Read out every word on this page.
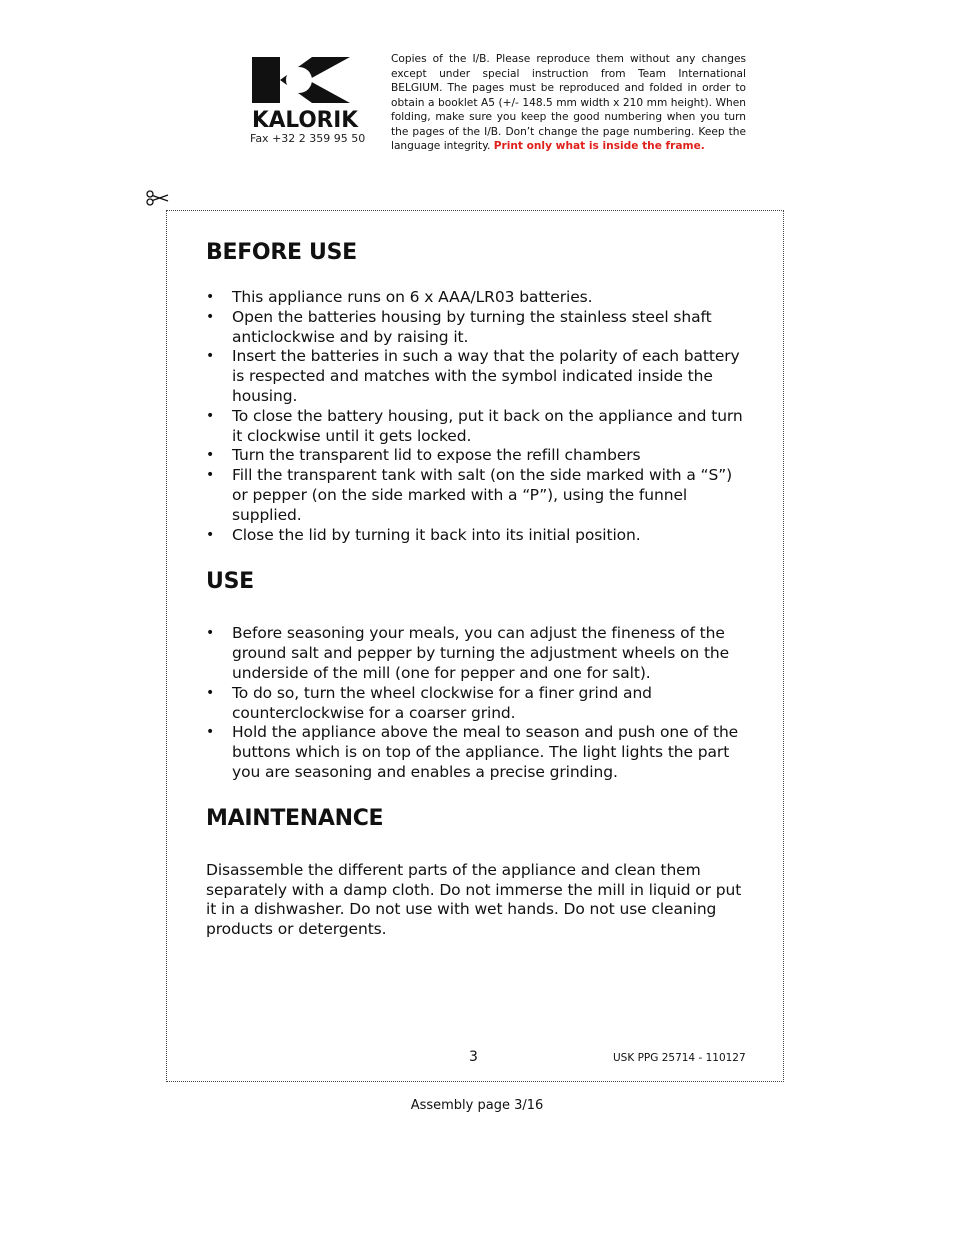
KALORIK
Fax +32 2 359 95 50
Copies of the I/B. Please reproduce them without any changes except under special instruction from Team International BELGIUM. The pages must be reproduced and folded in order to obtain a booklet A5 (+/- 148.5 mm width x 210 mm height). When folding, make sure you keep the good numbering when you turn the pages of the I/B. Don’t change the page numbering. Keep the language integrity. Print only what is inside the frame.
BEFORE USE
• This appliance runs on 6 x AAA/LR03 batteries.
• Open the batteries housing by turning the stainless steel shaft anticlockwise and by raising it.
• Insert the batteries in such a way that the polarity of each battery is respected and matches with the symbol indicated inside the housing.
• To close the battery housing, put it back on the appliance and turn it clockwise until it gets locked.
• Turn the transparent lid to expose the refill chambers
• Fill the transparent tank with salt (on the side marked with a “S”) or pepper (on the side marked with a “P”), using the funnel supplied.
• Close the lid by turning it back into its initial position.
USE
• Before seasoning your meals, you can adjust the fineness of the ground salt and pepper by turning the adjustment wheels on the underside of the mill (one for pepper and one for salt).
• To do so, turn the wheel clockwise for a finer grind and counterclockwise for a coarser grind.
• Hold the appliance above the meal to season and push one of the buttons which is on top of the appliance. The light lights the part you are seasoning and enables a precise grinding.
MAINTENANCE
Disassemble the different parts of the appliance and clean them separately with a damp cloth. Do not immerse the mill in liquid or put it in a dishwasher. Do not use with wet hands. Do not use cleaning products or detergents.
3	USK PPG 25714 - 110127
Assembly page 3/16
